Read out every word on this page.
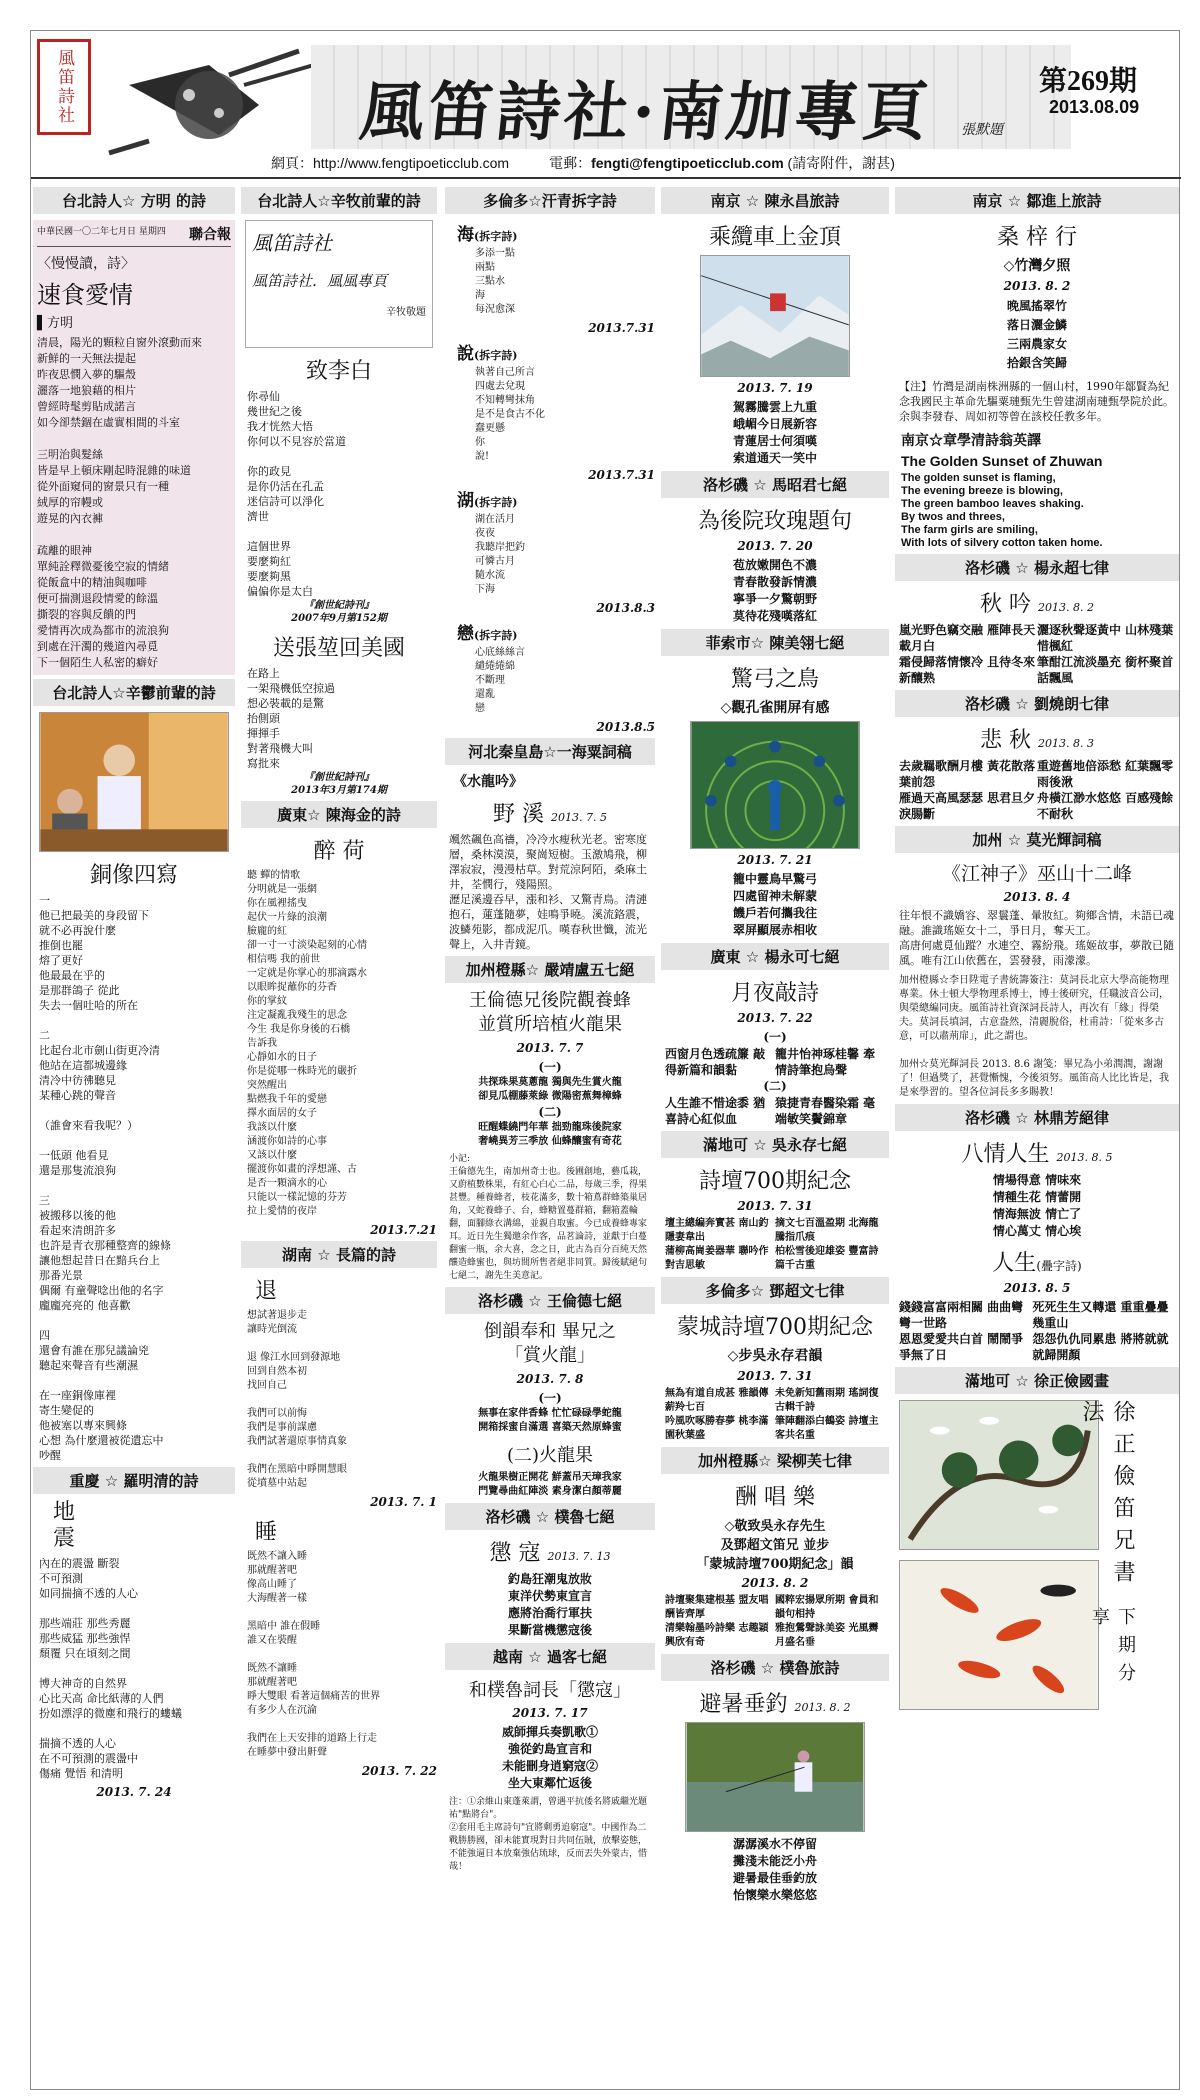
風笛詩社	風笛詩社·南加專頁 張默題
第269期
2013.08.09
網頁：http://www.fengtipoeticclub.com	電郵：fengti@fengtipoeticclub.com (請寄附件，謝甚)
台北詩人☆ 方明 的詩
中華民國一〇二年七月日 星期四 聯合報
〈慢慢讀，詩〉
速食愛情
▌方明
清晨，陽光的顆粒自窗外滾動而來
新鮮的一天無法提起
昨夜思憫入夢的驅殼
灑落一地狼藉的相片
曾經時髦剪貼成諾言
如今卻禁錮在虛實相間的斗室

三明治與髮絲
皆是早上頓床剛起時混雜的味道
從外面窺伺的窗景只有一種
絨厚的帘幔或
遊晃的內衣褲

疏離的眼神
單純詮釋微憂後空寂的情緒
從飯盒中的精油與咖啡
便可揣測退段情愛的餘溫
撕裂的容與反饋的門
愛情再次成為都市的流浪狗
到處在汗濁的幾道內尋覓
下一個陌生人私密的癖好
台北詩人☆辛鬱前輩的詩
銅像四寫
一
他已把最美的身段留下
就不必再說什麼
推倒也罷
熔了更好
他最最在乎的
是那群鴿子 從此
失去一個吐哈的所在

二
比起台北市劍山街更冷清
他站在這都城邊緣
清冷中彷彿聽見
某種心跳的聲音

（誰會來看我呢？）

一低頭 他看見
還是那隻流浪狗

三
被搬移以後的他
看起來清朗許多
也許是青衣那種整齊的線條
讓他想起昔日在黯兵台上
那番光景
偶爾 有童聲唸出他的名字
龐龐亮亮的 他喜歡

四
還會有誰在那兒議論兇
聽起來聲音有些潮濕

在一座銅像庫裡
寄生變促的
他被塞以專來興條
心想 為什麼還被從遺忘中
吵醒
重慶 ☆ 羅明清的詩
地
震
內在的震盪 斷裂
不可預測
如同揣摘不透的人心

那些端莊 那些秀麗
那些威猛 那些強悍
頹覆 只在頃刻之間

博大神奇的自然界
心比天高 命比紙薄的人們
扮如漂浮的微塵和飛行的螻蟻

揣摘不透的人心
在不可預測的震盪中
傷痛 覺悟 和清明
2013. 7. 24
台北詩人☆辛牧前輩的詩
風笛詩社
風笛詩社．風風專頁
辛牧敬題
致李白
你尋仙
幾世紀之後
我才恍然大悟
你何以不見容於當道

你的政見
是你仍活在孔孟
迷信詩可以淨化
濟世

這個世界
要麼夠紅
要麼夠黑
偏偏你是太白
『創世紀詩刊』
2007年9月第152期
送張堃回美國
在路上
一架飛機低空掠過
想必裝載的是驚
抬側頭
揮揮手
對著飛機大叫
寫批來
『創世紀詩刊』
2013年3月第174期
廣東☆ 陳海金的詩
醉 荷
聽 蟬的情歌
分明就是一張網
你在風裡搖曳
起伏一片綠的浪潮
臉龐的紅
卻一寸一寸淡染起刻的心情
相信嗎 我的前世
一定就是你掌心的那滴露水
以眼眸捉蘸你的芬香
你的掌紋
注定凝亂我殘生的思念
今生 我是你身後的石橋
告訴我
心靜如水的日子
你是從哪一株時光的嚴折
突然醒出
點燃我千年的愛戀
擇水面居的女子
我該以什麼
涵渡你如詩的心事
又該以什麼
擺渡你如畫的浮想謹、古
是否一顆滴水的心
只能以一樣記憶的芬芳
拉上愛情的夜岸
2013.7.21
湖南 ☆ 長篇的詩
退
想試著退步走
讓時光倒流

退 像江水回到發源地
回到自然本初
找回自己

我們可以前悔
我們是事前謀慮
我們試著還原事情真象

我們在黑暗中睜開慧眼
從墳墓中站起
2013. 7. 1
睡
既然不讓入睡
那就醒著吧
像高山睡了
大海醒著一樣

黑暗中 誰在假睡
誰又在裝醒

既然不讓睡
那就醒著吧
睜大雙眼 看著這個痛苦的世界
有多少人在沉淪

我們在上天安排的道路上行走
在睡夢中發出鼾聲
2013. 7. 22
多倫多☆汗青拆字詩
海(拆字詩)
多添一點
兩點
三點水
海
每況愈深
2013.7.31
說(拆字詩)
執著自己所言
四處去兌現
不知轉彎抹角
是不是食古不化
蠢更懸
你
說!
2013.7.31
湖(拆字詩)
湖在活月
夜夜
我聽岸把釣
可憐古月
隨水流
下海
2013.8.3
戀(拆字詩)
心底絲絲言
繾綣綣綿
不斷理
還亂
戀
2013.8.5
河北秦皇島☆一海粟詞稿
《水龍吟》
野 溪 2013. 7. 5
颯然飆色高禱，冷冷水瘦秋光老。密寒度層，桑林漠漠，聚崗短樹。玉激鳩飛，柳澤寂寂，漫漫枯草。對荒涼阿陌，桑麻土井，荃憫行，殘陽照。
瀝足溪邊吞早，漲和衫、又驚青鳥。清漣抱石，蓮蓬隨夢，娃鳴爭曉。溪流鉻震，波鱗苑影，都成泥爪。嘆春秋世懺，流光聲上，入井青鏡。
加州橙縣☆ 嚴靖盧五七絕
王倫德兄後院觀養蜂
並賞所培植火龍果
2013. 7. 7
(一)
共探珠果莫蔥龍 獨與先生賞火龍
卻見瓜棚藤萊綠 微陽密蕉舞樟蜂
(二)
旺醒蝶繞門年華 拙勁龍珠後院家
奢嶢異芳三季放 仙蜂釀蜜有奇花
小記:
王倫德先生，南加州奇士也。後圃創地，藝瓜栽，又蔚植數株果，有紅心白心二品，每歲三季，得果甚豐。種養蜂者，枝花滿多，數十箱蔦群蜂築巢居角，又蛇養蜂子、台，蜂糖置蔓群箱，翻箱蓋輪翻，面腳綠衣溝綿，並親自取蜜。今已成養蜂專家耳。近日先生獨邀余作客，品茗論詩，並獻于白蔓翻蜜一瓶，余大喜，念之日，此古為百分百純天然釀造蜂蜜也，與坊間所售者絕非同質。歸後賦絕句七絕二，謝先生美意記。
洛杉磯 ☆ 王倫德七絕
倒韻奉和 畢兄之
「賞火龍」
2013. 7. 8
(一)
無事在家伴香蜂 忙忙碌碌學蛇龍
開箱採蜜自滿選 喜築天然原蜂蜜
(二)火龍果
火龍果樹正開花 鮮蓋吊天璋我家
門覽尋曲紅陣淡 素身潔白顏蒂麗
洛杉磯 ☆ 樸魯七絕
懲 寇 2013. 7. 13
釣島狂潮鬼放妝
東洋伏勢東宣言
應將治喬行軍扶
果斷當機懲寇後
越南 ☆ 過客七絕
和樸魯詞長「懲寇」
2013. 7. 17
威師揮兵奏凱歌①
強從釣島宣言和
未能刪身逍窮寇②
坐大東鄰忙返後
注：①余維山東蓬萊謂，曾遇平抗倭名將戚繼光題祐"點將台"。
②套用毛主席詩句"宜將剩勇追窮寇"。中國作為二戰勝勝國，卻未能實現對日共同伍賊，放擊姿態，不能強逼日本放棄強佔琉球，反而丟失外蒙古，惜哉！
南京 ☆ 陳永昌旅詩
乘纜車上金頂
2013. 7. 19
駕霧騰雲上九重
峨嵋今日展新容
青蓮居士何須嘆
索道通天一笑中
洛杉磯 ☆ 馬昭君七絕
為後院玫瑰題句
2013. 7. 20
苞放嫩開色不濃
青春散發訴情濃
寧爭一夕驚朝野
莫待花殘嘆落紅
菲索市☆ 陳美翎七絕
驚弓之鳥
◇觀孔雀開屏有感
2013. 7. 21
籠中靈鳥早驚弓
四處留神未解蒙
饑戶若何攜我往
翠屏顯展赤相收
廣東 ☆ 楊永可七絕
月夜敲詩
2013. 7. 22
(一)
西窗月色透疏簾 敲得新篇和韻黏
籠井怡神琢桂馨 牽情詩筆抱烏聲
(二)
人生誰不惜途黍 猶喜詩心紅似血
猿捷青春醫染霜 毫端敏笑鬢錦章
滿地可 ☆ 吳永存七絕
詩壇700期紀念
2013. 7. 31
壇主總編奔實甚 南山釣隱妻韋出
蒲柳高崗姜器華 聯吟作對吉思敏
摘文七百溫盈期 北海龍騰指爪痕
柏松雪後迎雄姿 豐富詩篇千古重
多倫多☆ 鄧超文七律
蒙城詩壇700期紀念
◇步吳永存君韻
2013. 7. 31
無為有道自成甚 雅韻傳薪羚七百
吟風吹啄勝春夢 桃李滿園秋葉盛
未免新知舊雨期 瑤詞復古輯千詩
筆陣翻添白鶴姿 詩壇主客共名重
加州橙縣☆ 梁柳芙七律
酬 唱 樂
◇敬致吳永存先生
及鄧超文笛兄 並步
「蒙城詩壇700期紀念」韻
2013. 8. 2
詩壇聚集建根基 盟友唱酬皆齊厚
清樂翰墨吟詩樂 志趣穎興欣有奇
國粹宏揚眾所期 會員和韻句相持
雅抱鶯聲詠美姿 光風霽月盛名垂
洛杉磯 ☆ 樸魯旅詩
避暑垂釣 2013. 8. 2
潺潺溪水不停留
攤淺未能泛小舟
避暑最佳垂釣放
怡懷樂水樂悠悠
南京 ☆ 鄒進上旅詩
桑 梓 行
◇竹灣夕照
2013. 8. 2
晚風搖翠竹
落日灑金鱗
三兩農家女
拾銀含笑歸
【注】竹灣是湖南株洲縣的一個山村，1990年鄒賢為紀念我國民主革命先驅粟璉甄先生曾建湖南璉甄學院於此。余與李發春、周如初等曾在該校任教多年。
南京☆章學清詩翁英譯
The Golden Sunset of Zhuwan
The golden sunset is flaming,
The evening breeze is blowing,
The green bamboo leaves shaking.
By twos and threes,
The farm girls are smiling,
With lots of silvery cotton taken home.
洛杉磯 ☆ 楊永超七律
秋 吟 2013. 8. 2
嵐光野色竊交融 雁陣長天載月白
霜侵歸落情懷冷 且待冬來新釀熟
灑逐秋聲逐黃中 山林殘葉惜楓紅
筆酣江流淡墨充 銜杯聚首話飄風
洛杉磯 ☆ 劉燒朗七律
悲 秋 2013. 8. 3
去歲羈歌酬月樓 黃花散落葉前怨
雁過天高風瑟瑟 思君旦夕淚腸斷
重遊舊地倍添愁 紅葉飄零雨後湫
舟橫江渺水悠悠 百感殘餘不耐秋
加州 ☆ 莫光輝詞稿
《江神子》巫山十二峰
2013. 8. 4
往年恨不識嬌容、翠鬟蓬、暈妝紅。夠鄉含情，未語已魂融。誰識瑤姬女十二，爭日月，奪天工。
高唐何處覓仙蹤？水連空、霧紛飛。瑤姬故事，夢散已隨風。唯有江山依舊在，雲發發，雨濛濛。
加州橙縣☆李日陞電子書統籌簽注：莫詞長北京大學高能物理專業。休士頓大學物理系博士，博士後研究，任職波音公司，與榮總編同庚。風笛詩社資深詞長詩人，再次有「緣」得榮夫。莫詞長填詞，古意盎然，清麗脫俗，杜甫詩：「從來多古意，可以肅荊扉」，此之謂也。

加州☆莫光輝詞長 2013. 8.6 謝笺：畢兄為小弟潤潤，謝謝了！但過獎了，甚覺慚愧，今後須努。風笛高人比比皆是，我是來學習的。望各位詞長多多賜教！
洛杉磯 ☆ 林鼎芳絕律
八情人生 2013. 8. 5
情場得意 情味來
情種生花 情蕾開
情海無波 情亡了
情心萬丈 情心埃
人生(疊字詩)
2013. 8. 5
錢錢富富兩相關 曲曲彎彎一世路
恩恩愛愛共白首 鬧鬧爭爭無了日
死死生生又轉還 重重疊疊幾重山
怨怨仇仇同累患 將將就就就歸開顏
滿地可 ☆ 徐正儉國畫
徐正儉笛兄書法
下期分享
